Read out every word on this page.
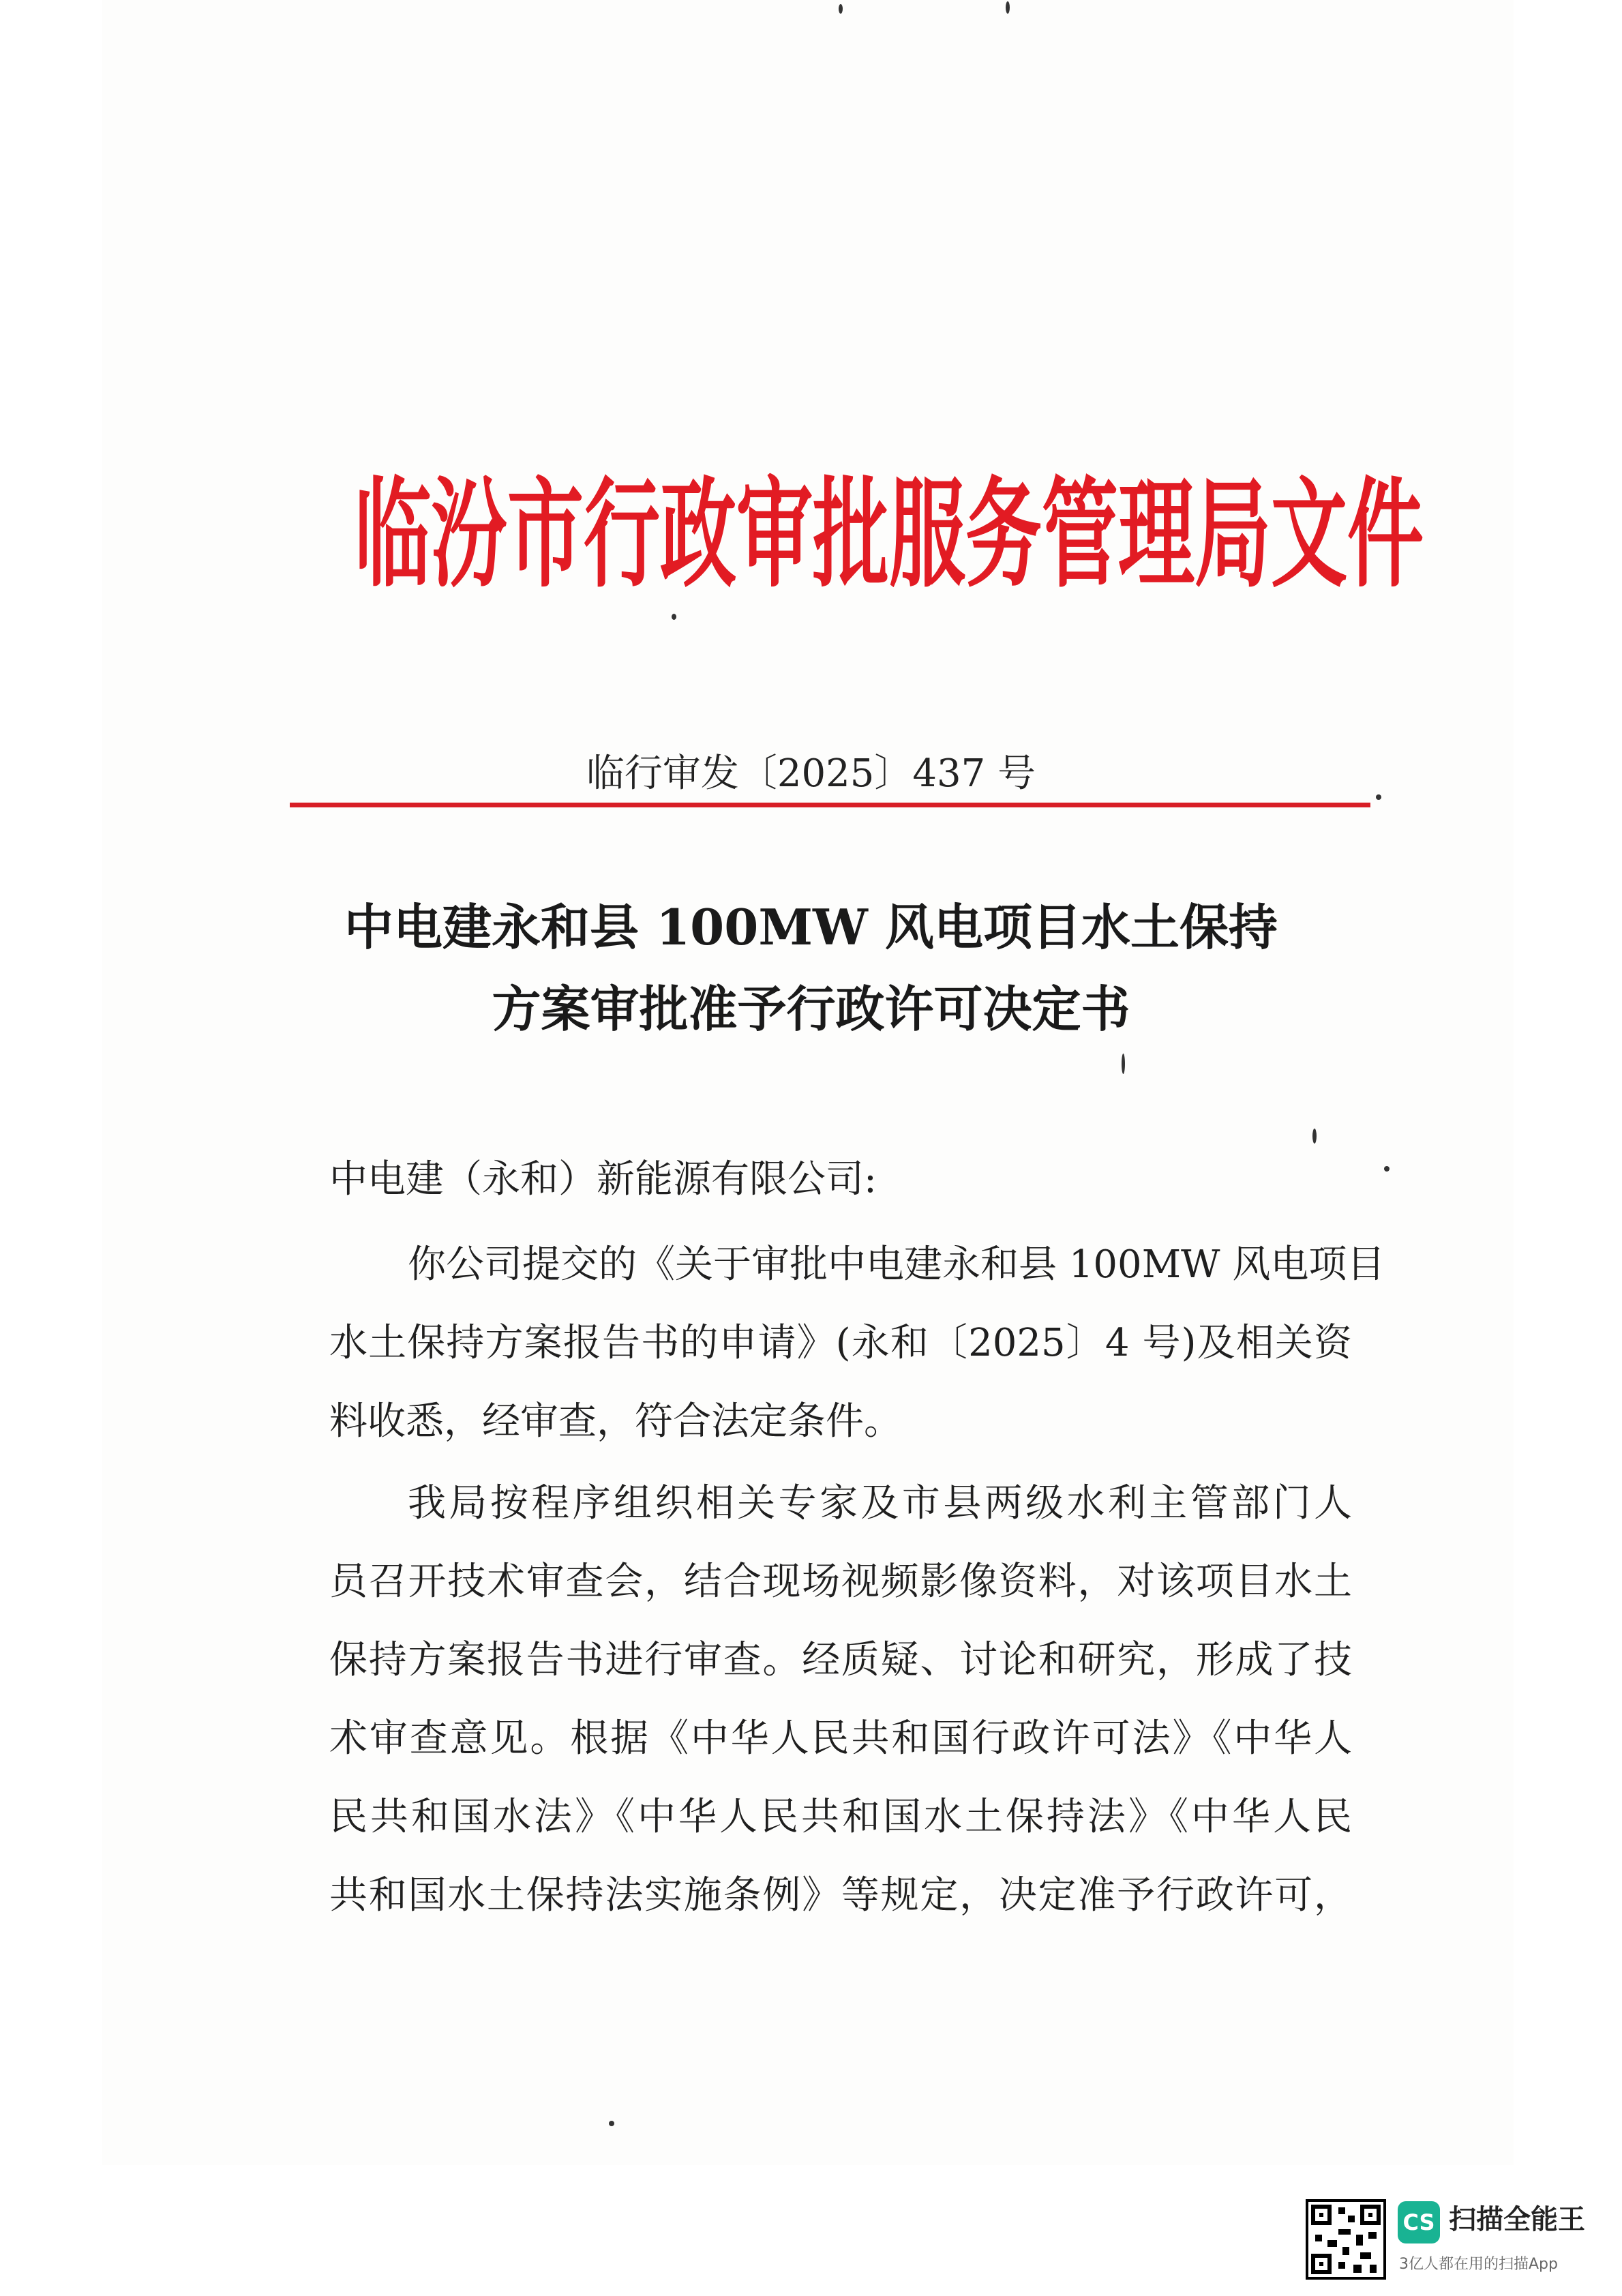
临汾市行政审批服务管理局文件
临行审发〔2025〕437 号
中电建永和县 100MW 风电项目水土保持
方案审批准予行政许可决定书
中电建（永和）新能源有限公司:
你公司提交的《关于审批中电建永和县 100MW 风电项目
水土保持方案报告书的申请》(永和〔2025〕4 号)及相关资
料收悉，经审查，符合法定条件。
我局按程序组织相关专家及市县两级水利主管部门人
员召开技术审查会，结合现场视频影像资料，对该项目水土
保持方案报告书进行审查。经质疑、讨论和研究，形成了技
术审查意见。根据《中华人民共和国行政许可法》《中华人
民共和国水法》《中华人民共和国水土保持法》《中华人民
共和国水土保持法实施条例》等规定，决定准予行政许可，
CS 扫描全能王
3亿人都在用的扫描App
